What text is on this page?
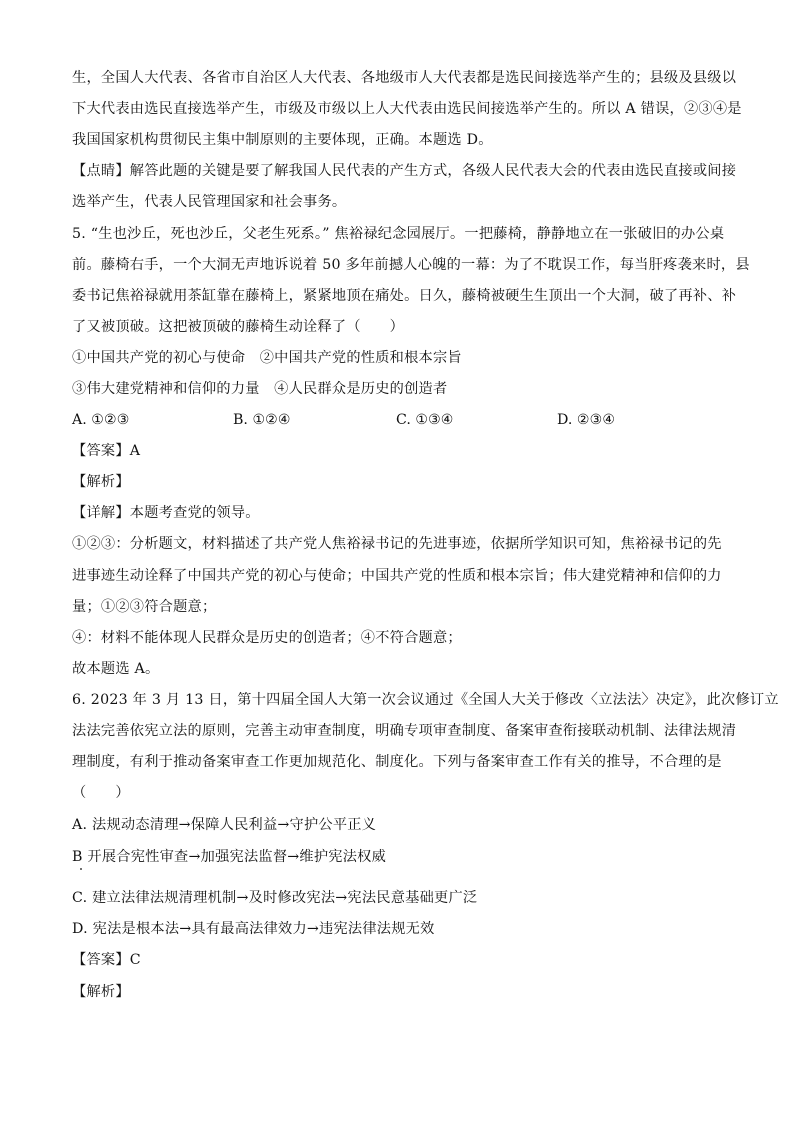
生，全国人大代表、各省市自治区人大代表、各地级市人大代表都是选民间接选举产生的；县级及县级以
下大代表由选民直接选举产生，市级及市级以上人大代表由选民间接选举产生的。所以 A 错误，②③④是
我国国家机构贯彻民主集中制原则的主要体现，正确。本题选 D。
【点睛】解答此题的关键是要了解我国人民代表的产生方式，各级人民代表大会的代表由选民直接或间接
选举产生，代表人民管理国家和社会事务。
5. “生也沙丘，死也沙丘，父老生死系。” 焦裕禄纪念园展厅。一把藤椅，静静地立在一张破旧的办公桌
前。藤椅右手，一个大洞无声地诉说着 50 多年前撼人心魄的一幕：为了不耽误工作，每当肝疼袭来时，县
委书记焦裕禄就用茶缸靠在藤椅上，紧紧地顶在痛处。日久，藤椅被硬生生顶出一个大洞，破了再补、补
了又被顶破。这把被顶破的藤椅生动诠释了（　　）
①中国共产党的初心与使命　②中国共产党的性质和根本宗旨
③伟大建党精神和信仰的力量　④人民群众是历史的创造者
A. ①②③	B. ①②④	C. ①③④	D. ②③④
【答案】A
【解析】
【详解】本题考查党的领导。
①②③：分析题文，材料描述了共产党人焦裕禄书记的先进事迹，依据所学知识可知，焦裕禄书记的先
进事迹生动诠释了中国共产党的初心与使命；中国共产党的性质和根本宗旨；伟大建党精神和信仰的力
量；①②③符合题意；
④：材料不能体现人民群众是历史的创造者；④不符合题意；
故本题选 A。
6. 2023 年 3 月 13 日，第十四届全国人大第一次会议通过《全国人大关于修改〈立法法〉决定》，此次修订立
法法完善依宪立法的原则，完善主动审查制度，明确专项审查制度、备案审查衔接联动机制、法律法规清
理制度，有利于推动备案审查工作更加规范化、制度化。下列与备案审查工作有关的推导，不合理的是
（　　）
A. 法规动态清理→保障人民利益→守护公平正义
B 开展合宪性审查→加强宪法监督→维护宪法权威
C. 建立法律法规清理机制→及时修改宪法→宪法民意基础更广泛
D. 宪法是根本法→具有最高法律效力→违宪法律法规无效
【答案】C
【解析】
